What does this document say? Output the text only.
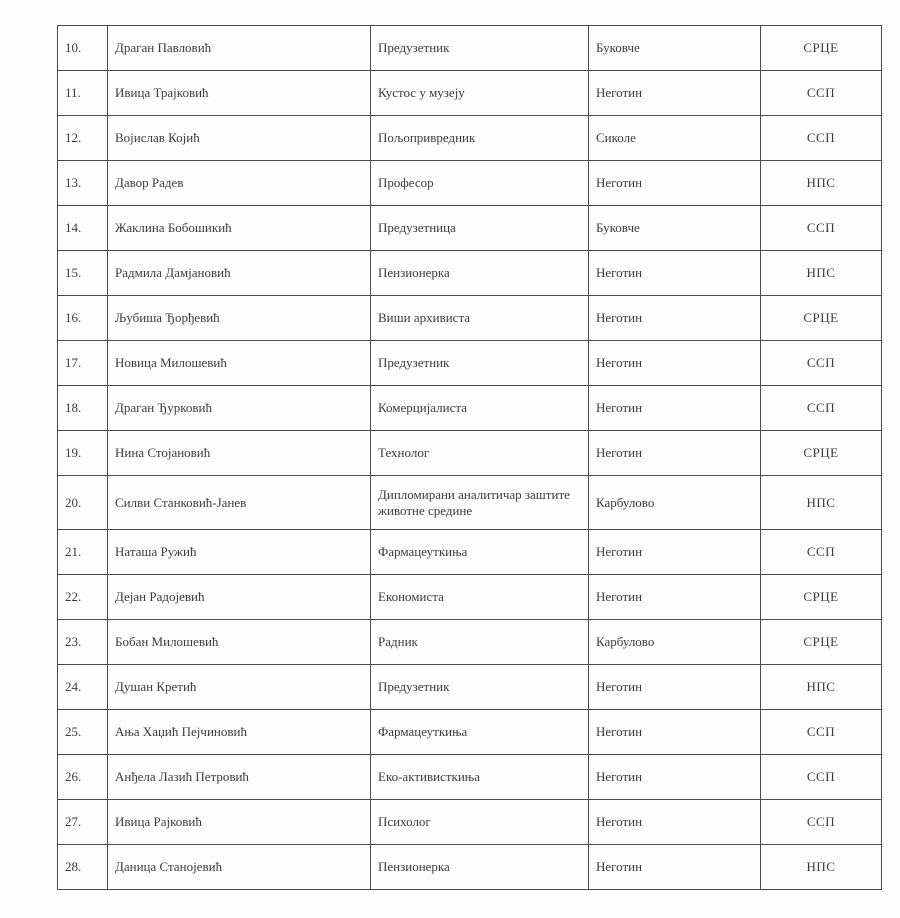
10.	Драган Павловић	Предузетник	Буковче	СРЦЕ
11.	Ивица Трајковић	Кустос у музеју	Неготин	ССП
12.	Војислав Којић	Пољопривредник	Сиколе	ССП
13.	Давор Радев	Професор	Неготин	НПС
14.	Жаклина Бобошикић	Предузетница	Буковче	ССП
15.	Радмила Дамјановић	Пензионерка	Неготин	НПС
16.	Љубиша Ђорђевић	Виши архивиста	Неготин	СРЦЕ
17.	Новица Милошевић	Предузетник	Неготин	ССП
18.	Драган Ђурковић	Комерцијалиста	Неготин	ССП
19.	Нина Стојановић	Технолог	Неготин	СРЦЕ
20.	Силви Станковић-Јанев	Дипломирани аналитичар заштите животне средине	Карбулово	НПС
21.	Наташа Ружић	Фармацеуткиња	Неготин	ССП
22.	Дејан Радојевић	Економиста	Неготин	СРЦЕ
23.	Бобан Милошевић	Радник	Карбулово	СРЦЕ
24.	Душан Кретић	Предузетник	Неготин	НПС
25.	Ања Хаџић Пејчиновић	Фармацеуткиња	Неготин	ССП
26.	Анђела Лазић Петровић	Еко-активисткиња	Неготин	ССП
27.	Ивица Рајковић	Психолог	Неготин	ССП
28.	Даница Станојевић	Пензионерка	Неготин	НПС
